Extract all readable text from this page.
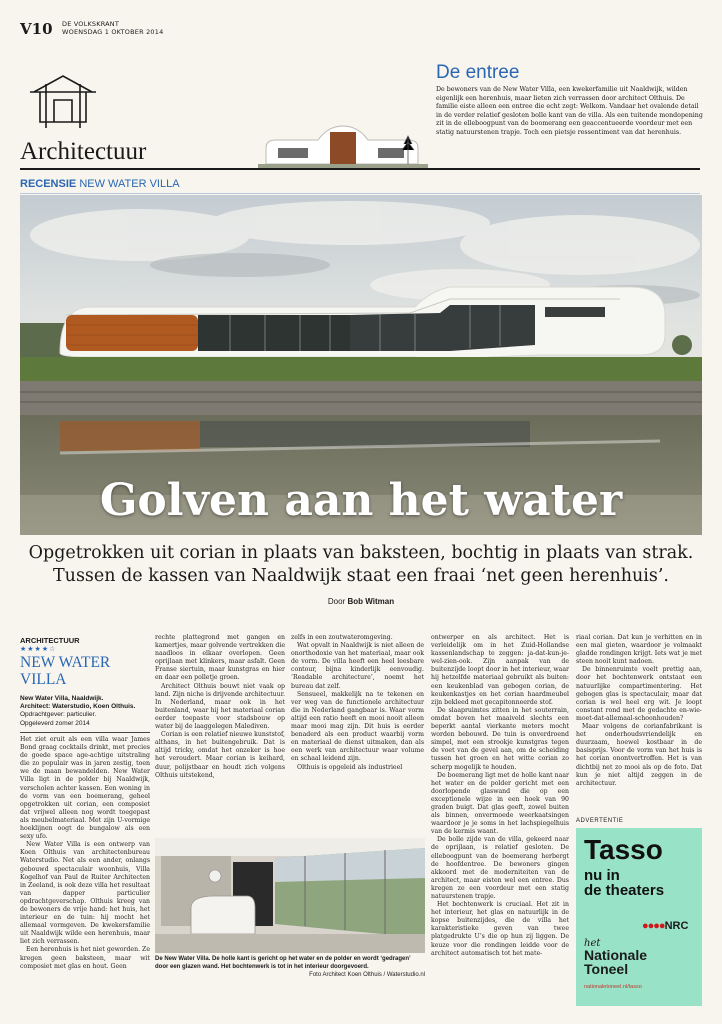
V10 DE VOLKSKRANT
WOENSDAG 1 OKTOBER 2014
Architectuur
De entree
De bewoners van de New Water Villa, een kwekerfamilie uit Naaldwijk, wilden eigenlijk een herenhuis, maar lieten zich verrassen door architect Olthuis. De familie eiste alleen een entree die echt zegt: Welkom. Vandaar het ovalende detail in de verder relatief gesloten bolle kant van de villa. Als een tuitende mondopening zit in de elleboogpunt van de boomerang een geaccentueerde voordeur met een statig natuurstenen trapje. Toch een pietsje ressentiment van dat herenhuis.
RECENSIE NEW WATER VILLA
Golven aan het water
Opgetrokken uit corian in plaats van baksteen, bochtig in plaats van strak.
Tussen de kassen van Naaldwijk staat een fraai ‘net geen herenhuis’.
Door Bob Witman
ARCHITECTUUR
★★★★☆
NEW WATER VILLA
New Water Villa, Naaldwijk.
Architect: Waterstudio, Koen Olthuis.
Opdrachtgever: particulier.
Opgeleverd zomer 2014

Het ziet eruit als een villa waar James Bond graag cocktails drinkt, met precies de goede space age-achtige uitstraling die zo populair was in jaren zestig, toen we de maan bewandelden. New Water Villa ligt in de polder bij Naaldwijk, verscholen achter kassen. Een woning in de vorm van een boemerang, geheel opgetrokken uit corian, een composiet dat vrijwel alleen nog wordt toegepast als meubelmateriaal. Met zijn U-vormige hoeklijnen oogt de bungalow als een sexy ufo.

New Water Villa is een ontwerp van Koen Olthuis van architectenbureau Waterstudio. Net als een ander, onlangs gebouwd spectaculair woonhuis, Villa Kogelhof van Paul de Ruiter Architecten in Zeeland, is ook deze villa het resultaat van dapper particulier opdrachtgeverschap. Olthuis kreeg van de bewoners de vrije hand: het huis, het interieur en de tuin: hij mocht het allemaal vormgeven. De kwekersfamilie uit Naaldwijk wilde een herenhuis, maar liet zich verrassen.

Een herenhuis is het niet geworden. Ze kregen geen baksteen, maar wit composiet met glas en hout. Geen

rechte plattegrond met gangen en kamertjes, maar golvende vertrekken die naadloos in elkaar overlopen. Geen oprijlaan met klinkers, maar asfalt. Geen Franse siertuin, maar kunstgras en hier en daar een polletje groen.

Architect Olthuis bouwt niet vaak op land. Zijn niche is drijvende architectuur. In Nederland, maar ook in het buitenland, waar hij het materiaal corian eerder toepaste voor stadsbouw op water bij de laaggelegen Malediven.

Corian is een relatief nieuwe kunststof, althans, in het buitengebruik. Dat is altijd tricky, omdat het onzeker is hoe het veroudert. Maar corian is keihard, duur, polijstbaar en houdt zich volgens Olthuis uitstekend,

zelfs in een zoutwateromgeving.

Wat opvalt in Naaldwijk is niet alleen de onorthodoxie van het materiaal, maar ook de vorm. De villa heeft een heel leesbare contour, bijna kinderlijk eenvoudig. ‘Readable architecture’, noemt het bureau dat zelf.

Sensueel, makkelijk na te tekenen en ver weg van de functionele architectuur die in Nederland gangbaar is. Waar vorm altijd een ratio heeft en mooi nooit alleen maar mooi mag zijn. Dit huis is eerder benaderd als een product waarbij vorm en materiaal de dienst uitmaken, dan als een werk van architectuur waar volume en schaal leidend zijn.

Olthuis is opgeleid als industrieel

ontwerper en als architect. Het is verleidelijk om in het Zuid-Hollandse kassenlandschap te zeggen: ja-dat-kun-je-wel-zien-ook. Zijn aanpak van de buitenzijde loopt door in het interieur, waar hij hetzelfde materiaal gebruikt als buiten: een keukenblad van gebogen corian, de keukenkastjes en het corian haardmeubel zijn bekleed met gecapitonneerde stof.

De slaapruimtes zitten in het souterrain, omdat boven het maaiveld slechts een beperkt aantal vierkante meters mocht worden bebouwd. De tuin is onverdroend simpel, met een strookje kunstgras tegen de voet van de gevel aan, om de scheiding tussen het groen en het witte corian zo scherp mogelijk te houden.

De boemerang ligt met de holle kant naar het water en de polder gericht met een doorlopende glaswand die op een exceptionele wijze in een hoek van 90 graden buigt. Dat glas geeft, zowel buiten als binnen, onvermoede weerkaatsingen waardoor je je soms in het lachspiegelhuis van de kermis waant.

De bolle zijde van de villa, gekeerd naar de oprijlaan, is relatief gesloten. De elleboogpunt van de boemerang herbergt de hoofdentree. De bewoners gingen akkoord met de moderniteiten van de architect, maar eisten wel een entree. Dus kregen ze een voordeur met een statig natuurstenen trapje.

Het bochtenwerk is cruciaal. Het zit in het interieur, het glas en natuurlijk in de kopse buitenzijdes, die de villa het karakteristieke geven van twee platgedrukte U’s die op hun zij liggen. De keuze voor die rondingen leidde voor de architect automatisch tot het mate-

riaal corian. Dat kun je verhitten en in een mal gieten, waardoor je volmaakt gladde rondingen krijgt. Iets wat je met steen nooit kunt nadoen.

De binnenruimte voelt prettig aan, door het bochtenwerk ontstaat een natuurlijke compartimentering. Het gebogen glas is spectaculair, maar dat corian is wel heel erg wit. Je loopt constant rond met de gedachte en-wie-moet-dat-allemaal-schoonhouden?

Maar volgens de corianfabrikant is het onderhoudsvriendelijk en duurzaam, hoewel kostbaar in de basisprijs. Voor de vorm van het huis is het corian onontvertroffen. Het is van dichtbij net zo mooi als op de foto. Dat kun je niet altijd zeggen in de architectuur.

De New Water Villa. De holle kant is gericht op het water en de polder en wordt ‘gedragen’ door een glazen wand. Het bochtenwerk is tot in het interieur doorgevoerd.
Foto Architect Koen Olthuis / Waterstudio.nl
ADVERTENTIE
Tasso
nu in
de theaters
●●●●NRC
het
Nationale
Toneel
nationaletoneel.nl/tasso
